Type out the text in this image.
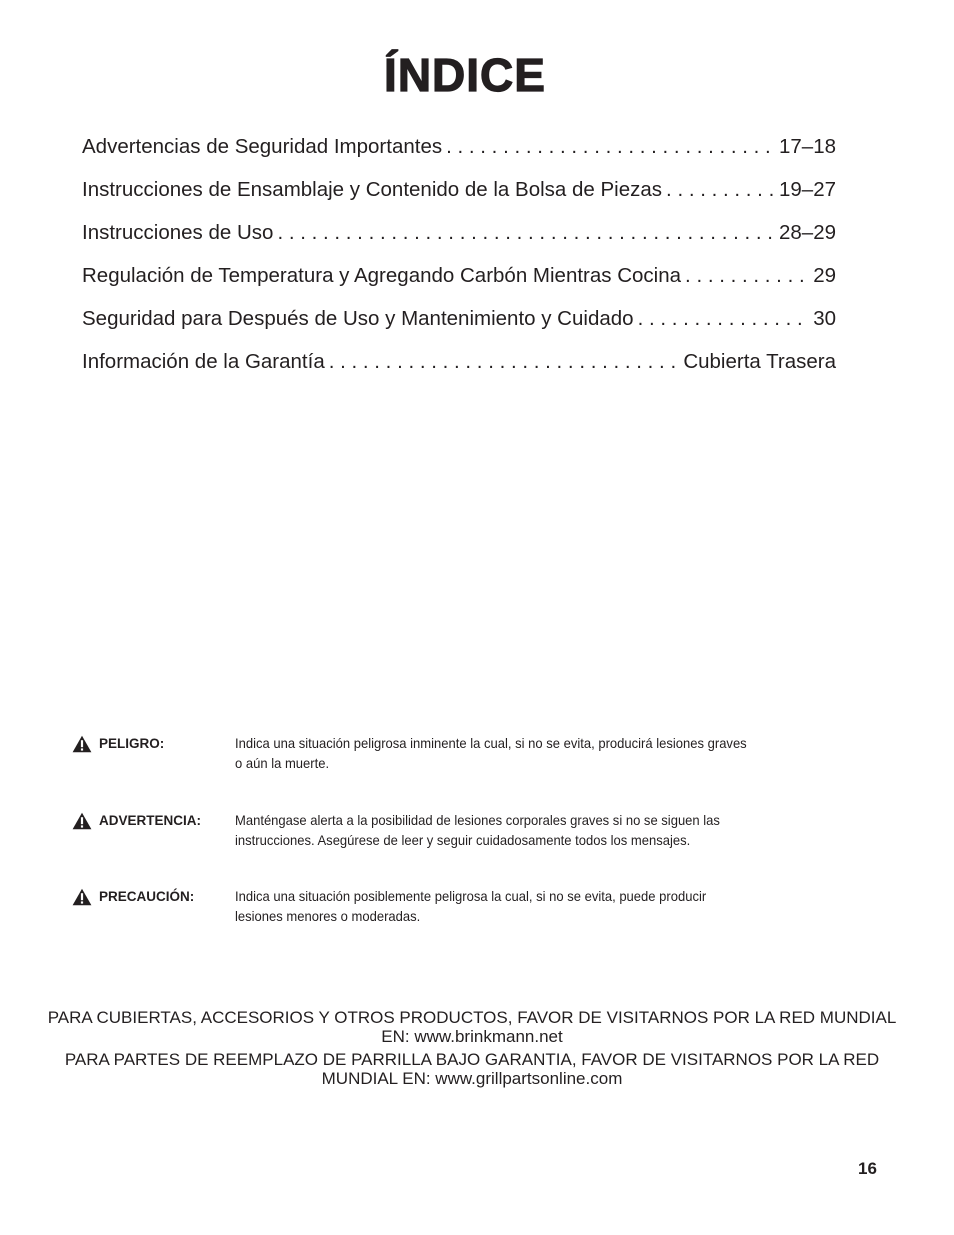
ÍNDICE
Advertencias de Seguridad Importantes . . .	17–18
Instrucciones de Ensamblaje y Contenido de la Bolsa de Piezas . . .	19–27
Instrucciones de Uso . . .	28–29
Regulación de Temperatura y Agregando Carbón Mientras Cocina . . .	29
Seguridad para Después de Uso y Mantenimiento y Cuidado . . .	30
Información de la Garantía . . .	Cubierta Trasera
PELIGRO:	Indica una situación peligrosa inminente la cual, si no se evita, producirá lesiones graves o aún la muerte.
ADVERTENCIA: Manténgase alerta a la posibilidad de lesiones corporales graves si no se siguen las instrucciones. Asegúrese de leer y seguir cuidadosamente todos los mensajes.
PRECAUCIÓN:	Indica una situación posiblemente peligrosa la cual, si no se evita, puede producir lesiones menores o moderadas.

PARA CUBIERTAS, ACCESORIOS Y OTROS PRODUCTOS, FAVOR DE VISITARNOS POR LA RED MUNDIAL EN: www.brinkmann.net

PARA PARTES DE REEMPLAZO DE PARRILLA BAJO GARANTIA, FAVOR DE VISITARNOS POR LA RED MUNDIAL EN: www.grillpartsonline.com

16
